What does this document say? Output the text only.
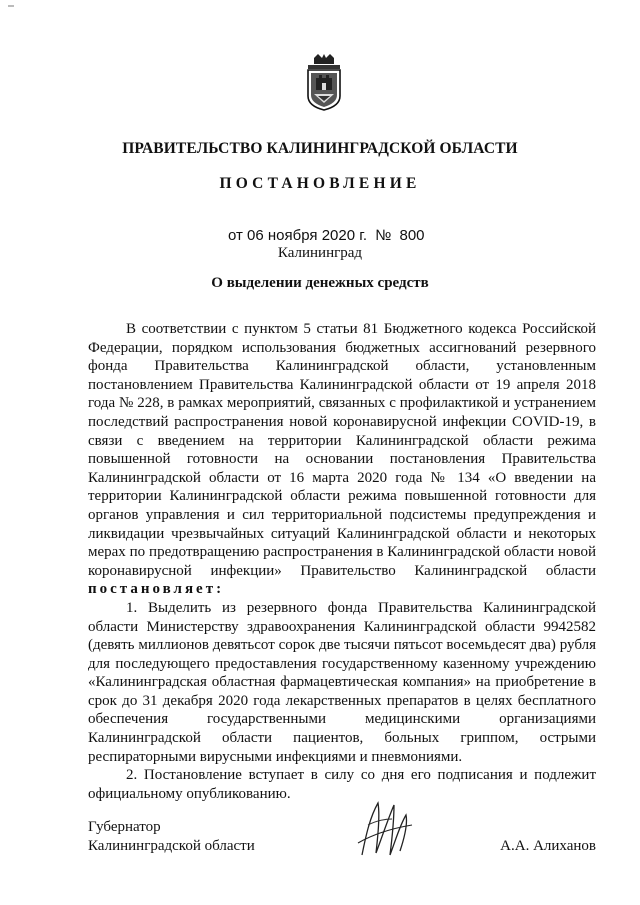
ПРАВИТЕЛЬСТВО КАЛИНИНГРАДСКОЙ ОБЛАСТИ
ПОСТАНОВЛЕНИЕ
от 06 ноября 2020 г. № 800
Калининград
О выделении денежных средств

В соответствии с пунктом 5 статьи 81 Бюджетного кодекса Российской Федерации, порядком использования бюджетных ассигнований резервного фонда Правительства Калининградской области, установленным постановлением Правительства Калининградской области от 19 апреля 2018 года № 228, в рамках мероприятий, связанных с профилактикой и устранением последствий распространения новой коронавирусной инфекции COVID-19, в связи с введением на территории Калининградской области режима повышенной готовности на основании постановления Правительства Калининградской области от 16 марта 2020 года № 134 «О введении на территории Калининградской области режима повышенной готовности для органов управления и сил территориальной подсистемы предупреждения и ликвидации чрезвычайных ситуаций Калининградской области и некоторых мерах по предотвращению распространения в Калининградской области новой коронавирусной инфекции» Правительство Калининградской области постановляет:

1. Выделить из резервного фонда Правительства Калининградской области Министерству здравоохранения Калининградской области 9942582 (девять миллионов девятьсот сорок две тысячи пятьсот восемьдесят два) рубля для последующего предоставления государственному казенному учреждению «Калининградская областная фармацевтическая компания» на приобретение в срок до 31 декабря 2020 года лекарственных препаратов в целях бесплатного обеспечения государственными медицинскими организациями Калининградской области пациентов, больных гриппом, острыми респираторными вирусными инфекциями и пневмониями.

2. Постановление вступает в силу со дня его подписания и подлежит официальному опубликованию.

Губернатор
Калининградской области	А.А. Алиханов
